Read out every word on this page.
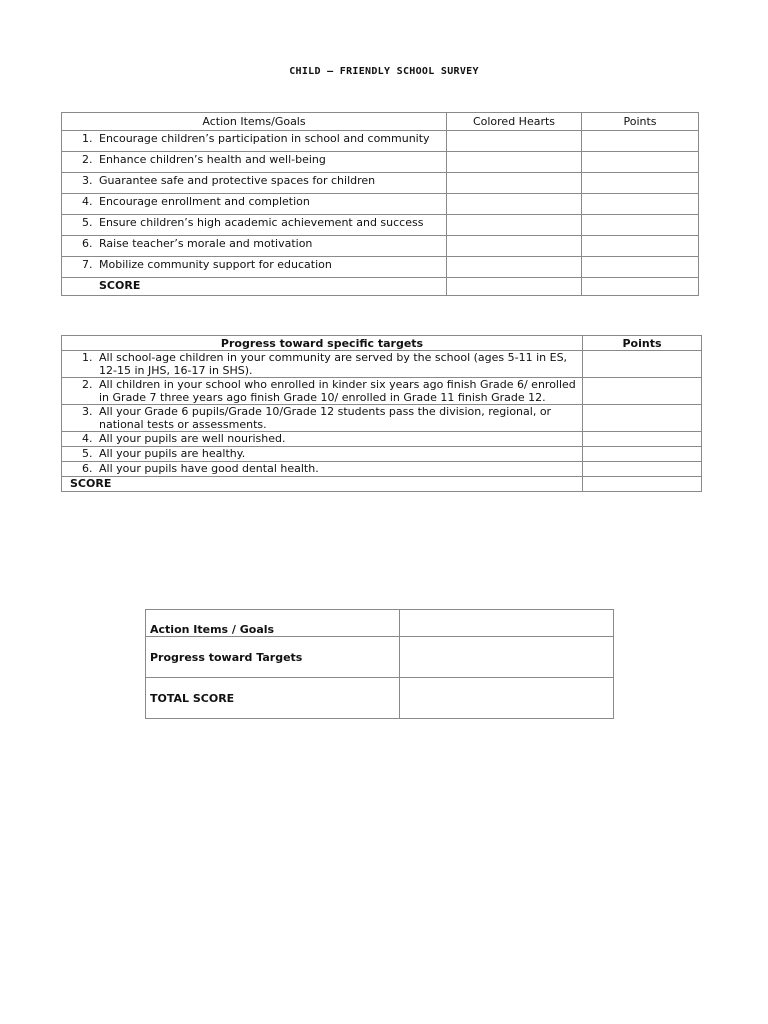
CHILD – FRIENDLY SCHOOL SURVEY
Action Items/Goals	Colored Hearts	Points
1. Encourage children’s participation in school and community		
2. Enhance children’s health and well-being		
3. Guarantee safe and protective spaces for children		
4. Encourage enrollment and completion		
5. Ensure children’s high academic achievement and success		
6. Raise teacher’s morale and motivation		
7. Mobilize community support for education		
SCORE		
Progress toward specific targets	Points

1. All school-age children in your community are served by the school (ages 5-11 in ES, 12-15 in JHS, 16-17 in SHS).	

2. All children in your school who enrolled in kinder six years ago finish Grade 6/ enrolled in Grade 7 three years ago finish Grade 10/ enrolled in Grade 11 finish Grade 12.	

3. All your Grade 6 pupils/Grade 10/Grade 12 students pass the division, regional, or national tests or assessments.	

4. All your pupils are well nourished.	

5. All your pupils are healthy.	

6. All your pupils have good dental health.	

SCORE	
Action Items / Goals	
Progress toward Targets	
TOTAL SCORE	
